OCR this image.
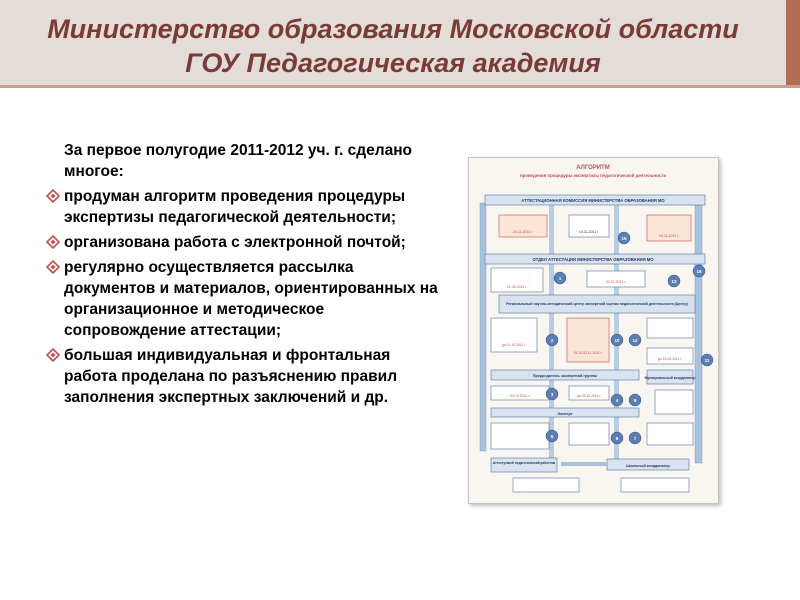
Министерство образования Московской области
ГОУ Педагогическая академия
За первое полугодие 2011-2012 уч. г. сделано многое:
продуман алгоритм проведения процедуры экспертизы педагогической деятельности;
организована работа с электронной почтой;
регулярно осуществляется рассылка документов и материалов, ориентированных на организационное и методическое сопровождение аттестации;
большая индивидуальная и фронтальная работа проделана по разъяснению правил заполнения экспертных заключений и др.
АЛГОРИТМ
проведения процедуры экспертизы педагогической деятельности
АТТЕСТАЦИОННАЯ КОМИССИЯ МИНИСТЕРСТВА ОБРАЗОВАНИЯ МО
24.11.2011 г.	14.11.2011 г.
04.11.2011 г.
ОТДЕЛ АТТЕСТАЦИИ МИНИСТЕРСТВА ОБРАЗОВАНИЯ МО
21.09.2011 г.
01.11.2011 г.
Региональный научно-методический центр экспертной оценки педагогической деятельности (Центр)
до 01.10.2011 г.
31.10-02.11.2011 г.
до 25.10.2011 г.
Председатель экспертной группы	Муниципальный координатор
03.10.2011 г.	до 05.10.2011 г.
Эксперт
Аттестуемый педагогический работник
Школьный координатор
15
16
13
1
2	10	12
11
3
4	9
5	6	7
